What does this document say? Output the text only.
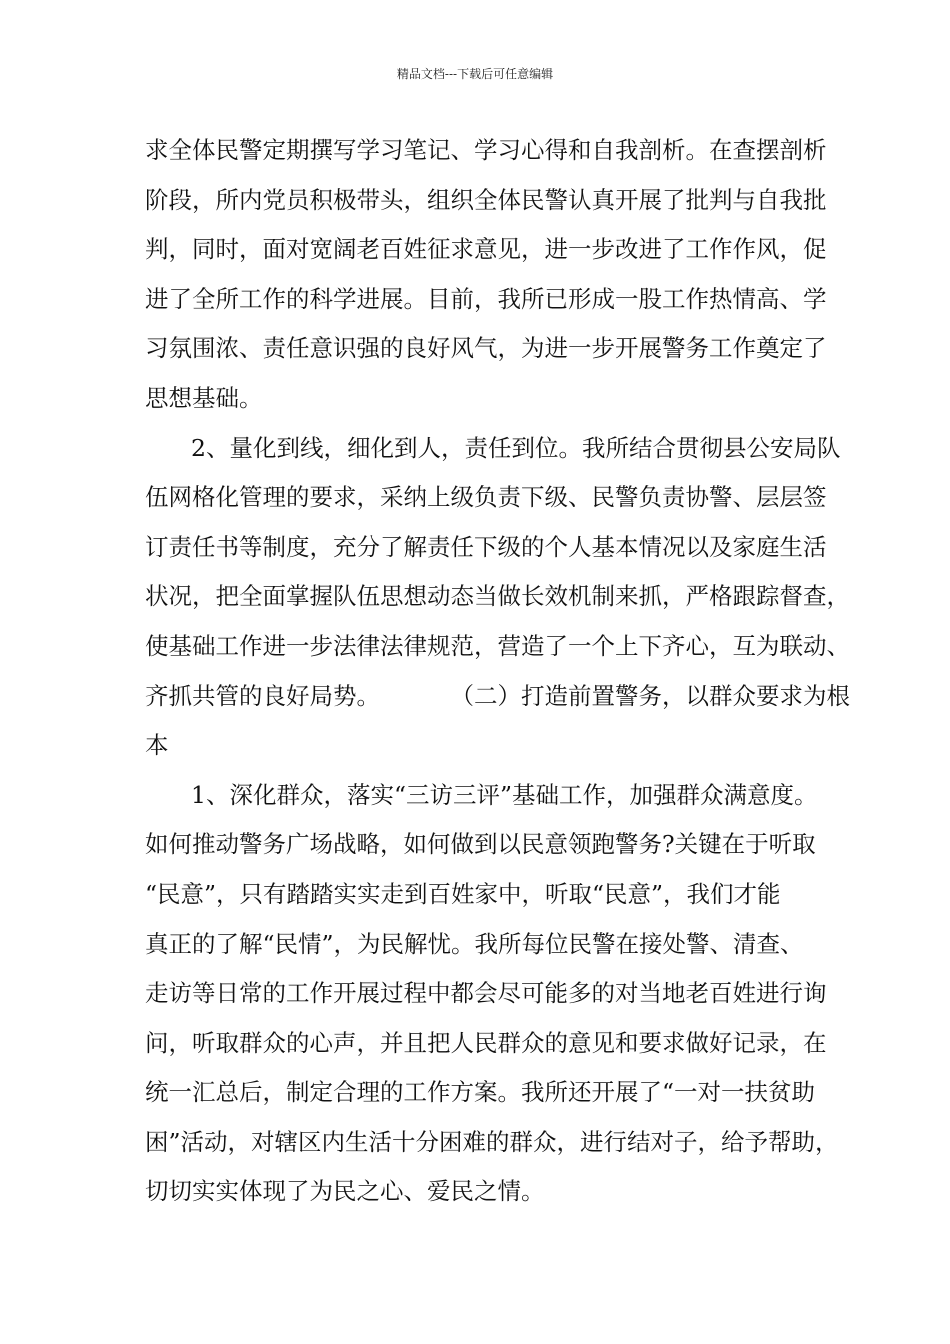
精品文档---下载后可任意编辑
求全体民警定期撰写学习笔记、学习心得和自我剖析。在查摆剖析
阶段，所内党员积极带头，组织全体民警认真开展了批判与自我批
判，同时，面对宽阔老百姓征求意见，进一步改进了工作作风，促
进了全所工作的科学进展。目前，我所已形成一股工作热情高、学
习氛围浓、责任意识强的良好风气，为进一步开展警务工作奠定了
思想基础。
2、量化到线，细化到人，责任到位。我所结合贯彻县公安局队
伍网格化管理的要求，采纳上级负责下级、民警负责协警、层层签
订责任书等制度，充分了解责任下级的个人基本情况以及家庭生活
状况，把全面掌握队伍思想动态当做长效机制来抓，严格跟踪督查，
使基础工作进一步法律法律规范，营造了一个上下齐心，互为联动、
齐抓共管的良好局势。　　　　（二）打造前置警务，以群众要求为根
本
1、深化群众，落实“三访三评”基础工作，加强群众满意度。
如何推动警务广场战略，如何做到以民意领跑警务?关键在于听取
“民意”，只有踏踏实实走到百姓家中，听取“民意”，我们才能
真正的了解“民情”，为民解忧。我所每位民警在接处警、清查、
走访等日常的工作开展过程中都会尽可能多的对当地老百姓进行询
问，听取群众的心声，并且把人民群众的意见和要求做好记录，在
统一汇总后，制定合理的工作方案。我所还开展了“一对一扶贫助
困”活动，对辖区内生活十分困难的群众，进行结对子，给予帮助，
切切实实体现了为民之心、爱民之情。
